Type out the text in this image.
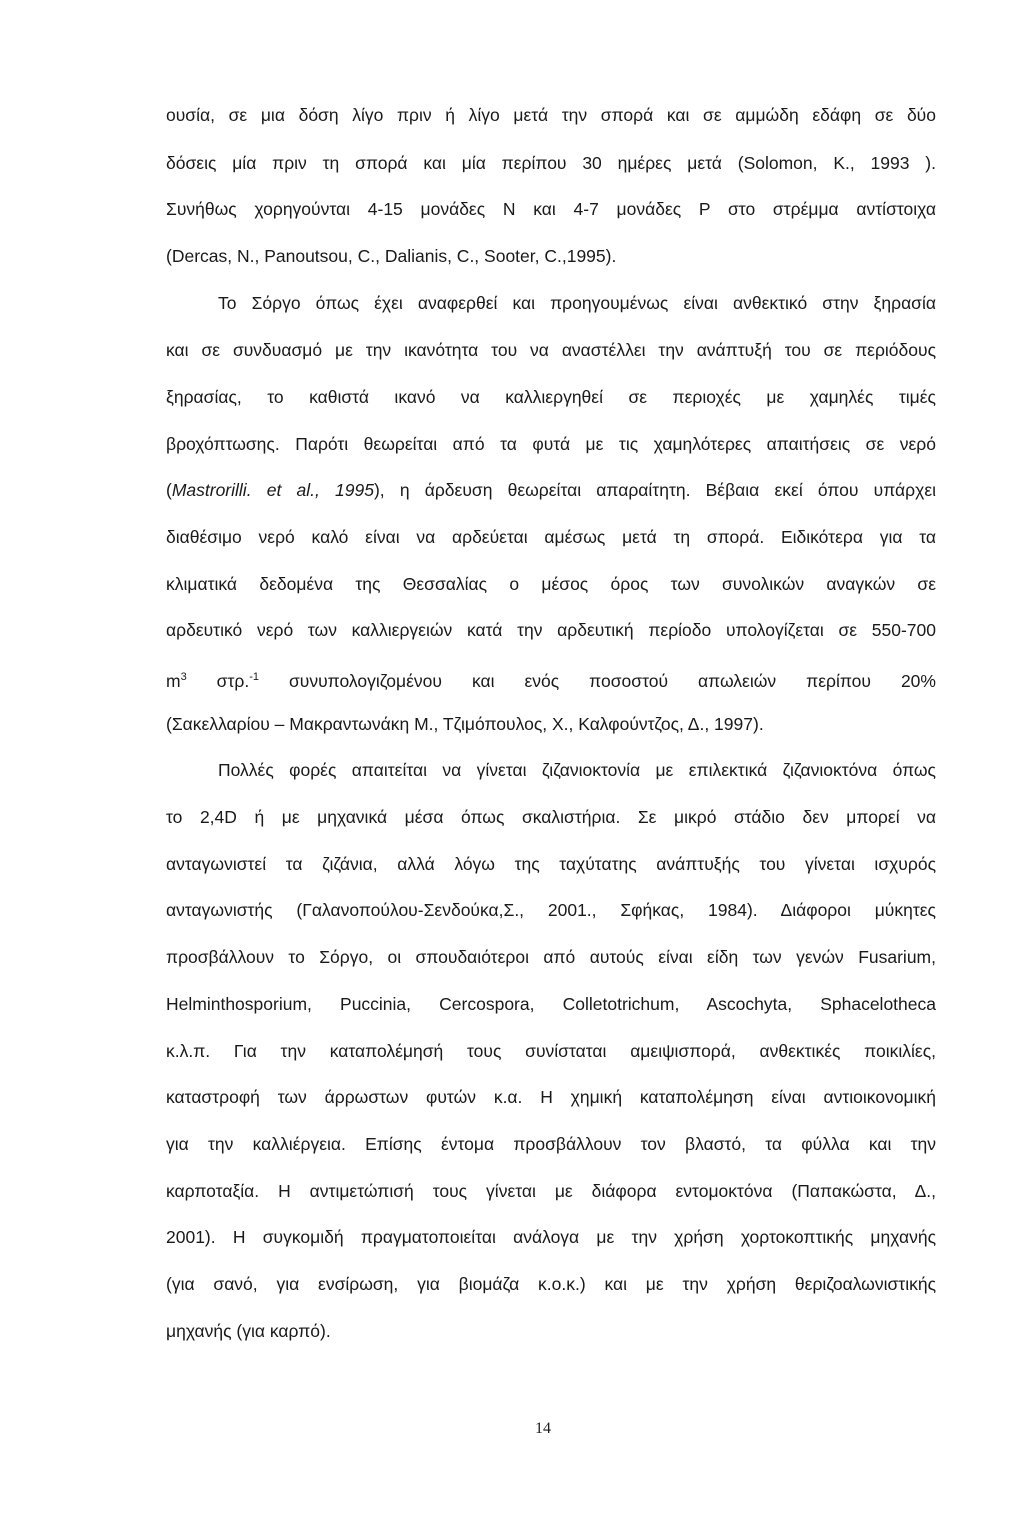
ουσία, σε μια δόση λίγο πριν ή λίγο μετά την σπορά και σε αμμώδη εδάφη σε δύο
δόσεις μία πριν τη σπορά και μία περίπου 30 ημέρες μετά (Solomon, K., 1993 ).
Συνήθως χορηγούνται 4-15 μονάδες Ν και 4-7 μονάδες P στο στρέμμα αντίστοιχα
(Dercas, N., Panoutsou, C., Dalianis, C., Sooter, C.,1995).
Το Σόργο όπως έχει αναφερθεί και προηγουμένως είναι ανθεκτικό στην ξηρασία
και σε συνδυασμό με την ικανότητα του να αναστέλλει την ανάπτυξή του σε περιόδους
ξηρασίας, το καθιστά ικανό να καλλιεργηθεί σε περιοχές με χαμηλές τιμές
βροχόπτωσης. Παρότι θεωρείται από τα φυτά με τις χαμηλότερες απαιτήσεις σε νερό
(Mastrorilli. et al., 1995), η άρδευση θεωρείται απαραίτητη. Βέβαια εκεί όπου υπάρχει
διαθέσιμο νερό καλό είναι να αρδεύεται αμέσως μετά τη σπορά. Ειδικότερα για τα
κλιματικά δεδομένα της Θεσσαλίας ο μέσος όρος των συνολικών αναγκών σε
αρδευτικό νερό των καλλιεργειών κατά την αρδευτική περίοδο υπολογίζεται σε 550-700
$m^3$ στρ.$^{-1}$ συνυπολογιζομένου και ενός ποσοστού απωλειών περίπου 20%
(Σακελλαρίου – Μακραντωνάκη Μ., Τζιμόπουλος, Χ., Καλφούντζος, Δ., 1997).
Πολλές φορές απαιτείται να γίνεται ζιζανιοκτονία με επιλεκτικά ζιζανιοκτόνα όπως
το 2,4D ή με μηχανικά μέσα όπως σκαλιστήρια. Σε μικρό στάδιο δεν μπορεί να
ανταγωνιστεί τα ζιζάνια, αλλά λόγω της ταχύτατης ανάπτυξής του γίνεται ισχυρός
ανταγωνιστής (Γαλανοπούλου-Σενδούκα,Σ., 2001., Σφήκας, 1984). Διάφοροι μύκητες
προσβάλλουν το Σόργο, οι σπουδαιότεροι από αυτούς είναι είδη των γενών Fusarium,
Helminthosporium, Puccinia, Cercospora, Colletotrichum, Ascochyta, Sphacelotheca
κ.λ.π. Για την καταπολέμησή τους συνίσταται αμειψισπορά, ανθεκτικές ποικιλίες,
καταστροφή των άρρωστων φυτών κ.α. Η χημική καταπολέμηση είναι αντιοικονομική
για την καλλιέργεια. Επίσης έντομα προσβάλλουν τον βλαστό, τα φύλλα και την
καρποταξία. Η αντιμετώπισή τους γίνεται με διάφορα εντομοκτόνα (Παπακώστα, Δ.,
2001). Η συγκομιδή πραγματοποιείται ανάλογα με την χρήση χορτοκοπτικής μηχανής
(για σανό, για ενσίρωση, για βιομάζα κ.ο.κ.) και με την χρήση θεριζοαλωνιστικής
μηχανής (για καρπό).
14
